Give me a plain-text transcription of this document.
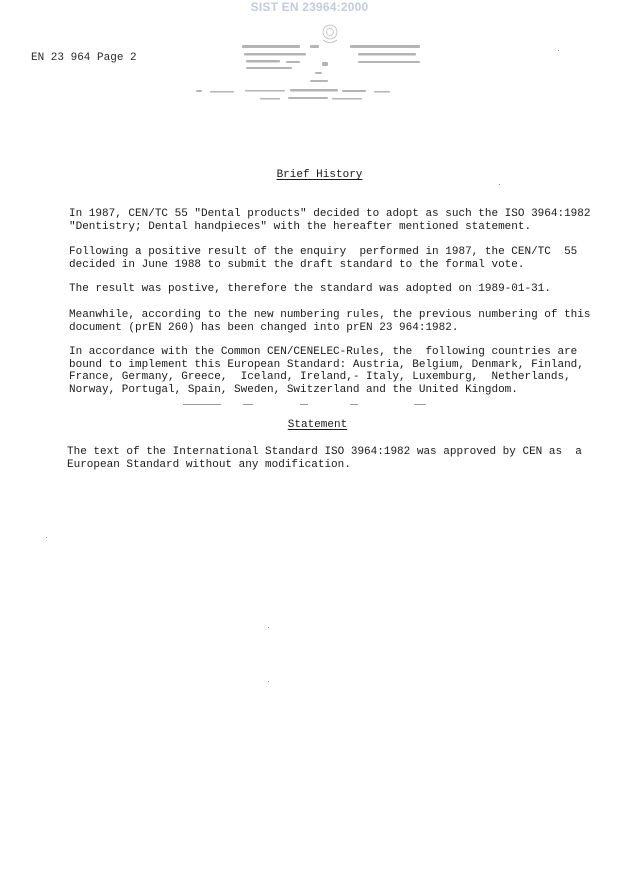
SIST EN 23964:2000
EN 23 964 Page 2
Brief History
In 1987, CEN/TC 55 "Dental products" decided to adopt as such the ISO 3964:1982
"Dentistry; Dental handpieces" with the hereafter mentioned statement.
Following a positive result of the enquiry  performed in 1987, the CEN/TC  55
decided in June 1988 to submit the draft standard to the formal vote.
The result was postive, therefore the standard was adopted on 1989-01-31.
Meanwhile, according to the new numbering rules, the previous numbering of this
document (prEN 260) has been changed into prEN 23 964:1982.
In accordance with the Common CEN/CENELEC-Rules, the  following countries are
bound to implement this European Standard: Austria, Belgium, Denmark, Finland,
France, Germany, Greece,  Iceland, Ireland,- Italy, Luxemburg,  Netherlands,
Norway, Portugal, Spain, Sweden, Switzerland and the United Kingdom.
Statement
The text of the International Standard ISO 3964:1982 was approved by CEN as  a
European Standard without any modification.
